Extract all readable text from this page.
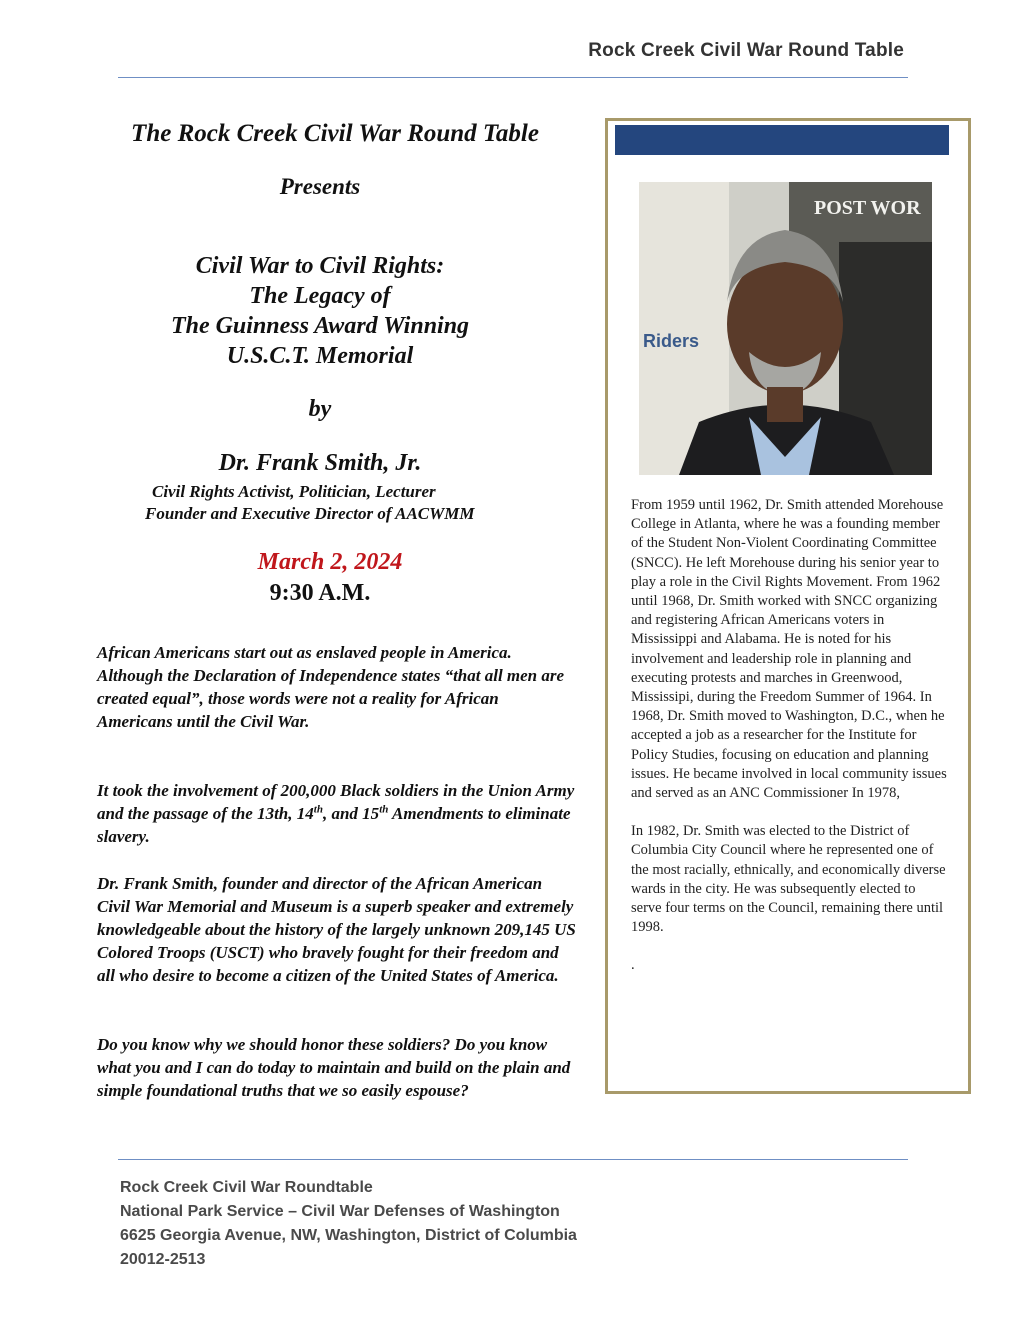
Rock Creek Civil War Round Table
The Rock Creek Civil War Round Table
Presents
Civil War to Civil Rights:
The Legacy of
The Guinness Award Winning
U.S.C.T. Memorial
by
Dr. Frank Smith, Jr.
Civil Rights Activist, Politician, Lecturer
Founder and Executive Director of AACWMM
March 2, 2024
9:30 A.M.
African Americans start out as enslaved people in America. Although the Declaration of Independence states “that all men are created equal”, those words were not a reality for African Americans until the Civil War.
It took the involvement of 200,000 Black soldiers in the Union Army and the passage of the 13th, 14th, and 15th Amendments to eliminate slavery.
Dr. Frank Smith, founder and director of the African American Civil War Memorial and Museum is a superb speaker and extremely knowledgeable about the history of the largely unknown 209,145 US Colored Troops (USCT) who bravely fought for their freedom and all who desire to become a citizen of the United States of America.
Do you know why we should honor these soldiers? Do you know what you and I can do today to maintain and build on the plain and simple foundational truths that we so easily espouse?
POST WOR
Riders

From 1959 until 1962, Dr. Smith attended Morehouse College in Atlanta, where he was a founding member of the Student Non-Violent Coordinating Committee (SNCC). He left Morehouse during his senior year to play a role in the Civil Rights Movement. From 1962 until 1968, Dr. Smith worked with SNCC organizing and registering African Americans voters in Mississippi and Alabama. He is noted for his involvement and leadership role in planning and executing protests and marches in Greenwood, Mississipi, during the Freedom Summer of 1964. In 1968, Dr. Smith moved to Washington, D.C., when he accepted a job as a researcher for the Institute for Policy Studies, focusing on education and planning issues. He became involved in local community issues and served as an ANC Commissioner In 1978,

In 1982, Dr. Smith was elected to the District of Columbia City Council where he represented one of the most racially, ethnically, and economically diverse wards in the city. He was subsequently elected to serve four terms on the Council, remaining there until 1998.

.

Rock Creek Civil War Roundtable
National Park Service – Civil War Defenses of Washington
6625 Georgia Avenue, NW, Washington, District of Columbia
20012-2513
